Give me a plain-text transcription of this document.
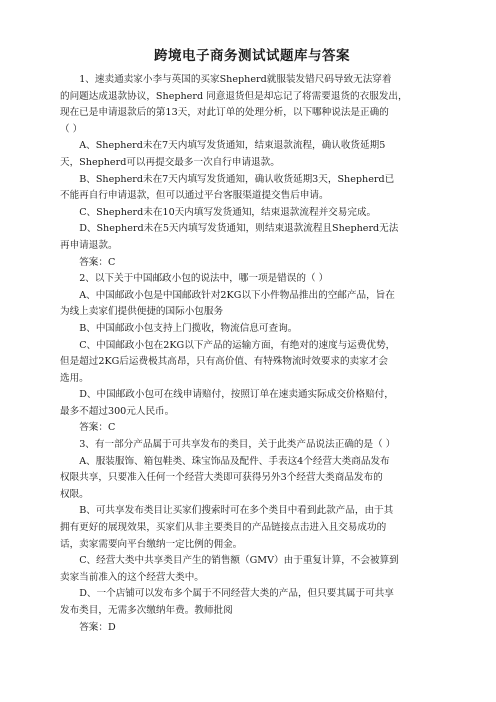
跨境电子商务测试试题库与答案

1、速卖通卖家小李与英国的买家Shepherd就服装发错尺码导致无法穿着

的问题达成退款协议，Shepherd 同意退货但是却忘记了将需要退货的衣服发出，

现在已是申请退款后的第13天，对此订单的处理分析，以下哪种说法是正确的

（ ）

A、Shepherd未在7天内填写发货通知，结束退款流程，确认收货延期5

天，Shepherd可以再提交最多一次自行申请退款。

B、Shepherd未在7天内填写发货通知，确认收货延期3天，Shepherd已

不能再自行申请退款，但可以通过平台客服渠道提交售后申请。

C、Shepherd未在10天内填写发货通知，结束退款流程并交易完成。

D、Shepherd未在5天内填写发货通知，则结束退款流程且Shepherd无法

再申请退款。

答案：C

2、以下关于中国邮政小包的说法中，哪一项是错误的（ ）

A、中国邮政小包是中国邮政针对2KG以下小件物品推出的空邮产品，旨在

为线上卖家们提供便捷的国际小包服务

B、中国邮政小包支持上门揽收，物流信息可查询。

C、中国邮政小包在2KG以下产品的运输方面，有绝对的速度与运费优势，

但是超过2KG后运费极其高昂，只有高价值、有特殊物流时效要求的卖家才会

选用。

D、中国邮政小包可在线申请赔付，按照订单在速卖通实际成交价格赔付，

最多不超过300元人民币。

答案：C

3、有一部分产品属于可共享发布的类目，关于此类产品说法正确的是（ ）

A、服装服饰、箱包鞋类、珠宝饰品及配件、手表这4个经营大类商品发布

权限共享，只要准入任何一个经营大类即可获得另外3个经营大类商品发布的

权限。

B、可共享发布类目让买家们搜索时可在多个类目中看到此款产品，由于其

拥有更好的展现效果，买家们从非主要类目的产品链接点击进入且交易成功的

话，卖家需要向平台缴纳一定比例的佣金。

C、经营大类中共享类目产生的销售额（GMV）由于重复计算，不会被算到

卖家当前准入的这个经营大类中。

D、一个店铺可以发布多个属于不同经营大类的产品，但只要其属于可共享

发布类目，无需多次缴纳年费。教师批阅

答案：D
